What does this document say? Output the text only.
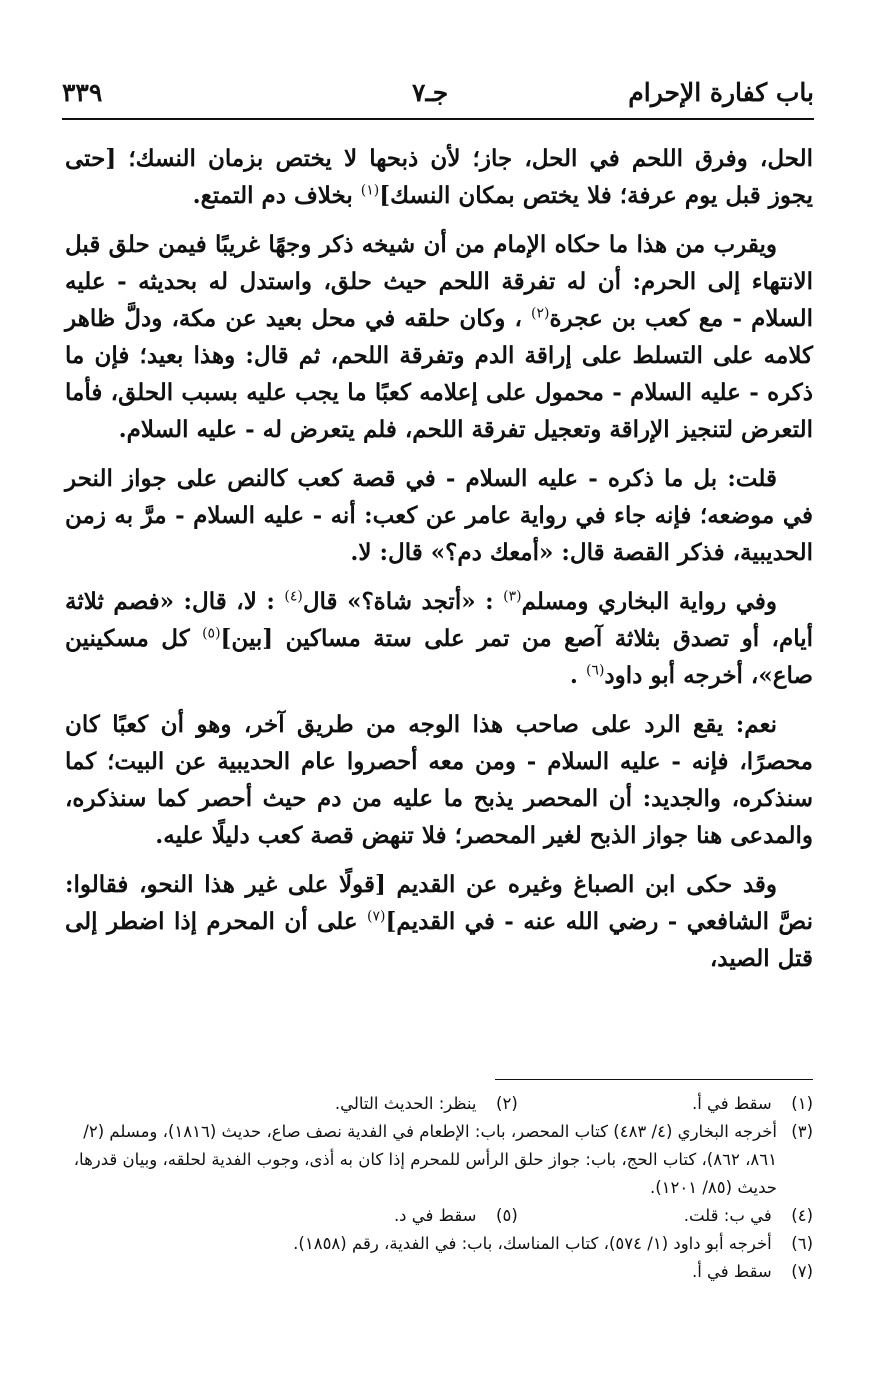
باب كفارة الإحرام
جـ٧
٣٣٩

الحل، وفرق اللحم في الحل، جاز؛ لأن ذبحها لا يختص بزمان النسك؛ [حتى يجوز قبل يوم عرفة؛ فلا يختص بمكان النسك]$^{(١)}$ بخلاف دم التمتع.

ويقرب من هذا ما حكاه الإمام من أن شيخه ذكر وجهًا غريبًا فيمن حلق قبل الانتهاء إلى الحرم: أن له تفرقة اللحم حيث حلق، واستدل له بحديثه - عليه السلام - مع كعب بن عجرة$^{(٢)}$ ، وكان حلقه في محل بعيد عن مكة، ودلَّ ظاهر كلامه على التسلط على إراقة الدم وتفرقة اللحم، ثم قال: وهذا بعيد؛ فإن ما ذكره - عليه السلام - محمول على إعلامه كعبًا ما يجب عليه بسبب الحلق، فأما التعرض لتنجيز الإراقة وتعجيل تفرقة اللحم، فلم يتعرض له - عليه السلام.

قلت: بل ما ذكره - عليه السلام - في قصة كعب كالنص على جواز النحر في موضعه؛ فإنه جاء في رواية عامر عن كعب: أنه - عليه السلام - مرَّ به زمن الحديبية، فذكر القصة قال: «أمعك دم؟» قال: لا.

وفي رواية البخاري ومسلم$^{(٣)}$ : «أتجد شاة؟» قال$^{(٤)}$ : لا، قال: «فصم ثلاثة أيام، أو تصدق بثلاثة آصع من تمر على ستة مساكين [بين]$^{(٥)}$ كل مسكينين صاع»، أخرجه أبو داود$^{(٦)}$ .

نعم: يقع الرد على صاحب هذا الوجه من طريق آخر، وهو أن كعبًا كان محصرًا، فإنه - عليه السلام - ومن معه أحصروا عام الحديبية عن البيت؛ كما سنذكره، والجديد: أن المحصر يذبح ما عليه من دم حيث أحصر كما سنذكره، والمدعى هنا جواز الذبح لغير المحصر؛ فلا تنهض قصة كعب دليلًا عليه.

وقد حكى ابن الصباغ وغيره عن القديم [قولًا على غير هذا النحو، فقالوا: نصَّ الشافعي - رضي الله عنه - في القديم]$^{(٧)}$ على أن المحرم إذا اضطر إلى قتل الصيد،

(١) سقط في أ. (٢) ينظر: الحديث التالي.
(٣)
أخرجه البخاري (٤/ ٤٨٣) كتاب المحصر، باب: الإطعام في الفدية نصف صاع، حديث (١٨١٦)، ومسلم (٢/ ٨٦١، ٨٦٢)، كتاب الحج، باب: جواز حلق الرأس للمحرم إذا كان به أذى، وجوب الفدية لحلقه، وبيان قدرها، حديث (٨٥/ ١٢٠١).
(٤) في ب: قلت. (٥) سقط في د.
(٦) أخرجه أبو داود (١/ ٥٧٤)، كتاب المناسك، باب: في الفدية، رقم (١٨٥٨).
(٧) سقط في أ.
